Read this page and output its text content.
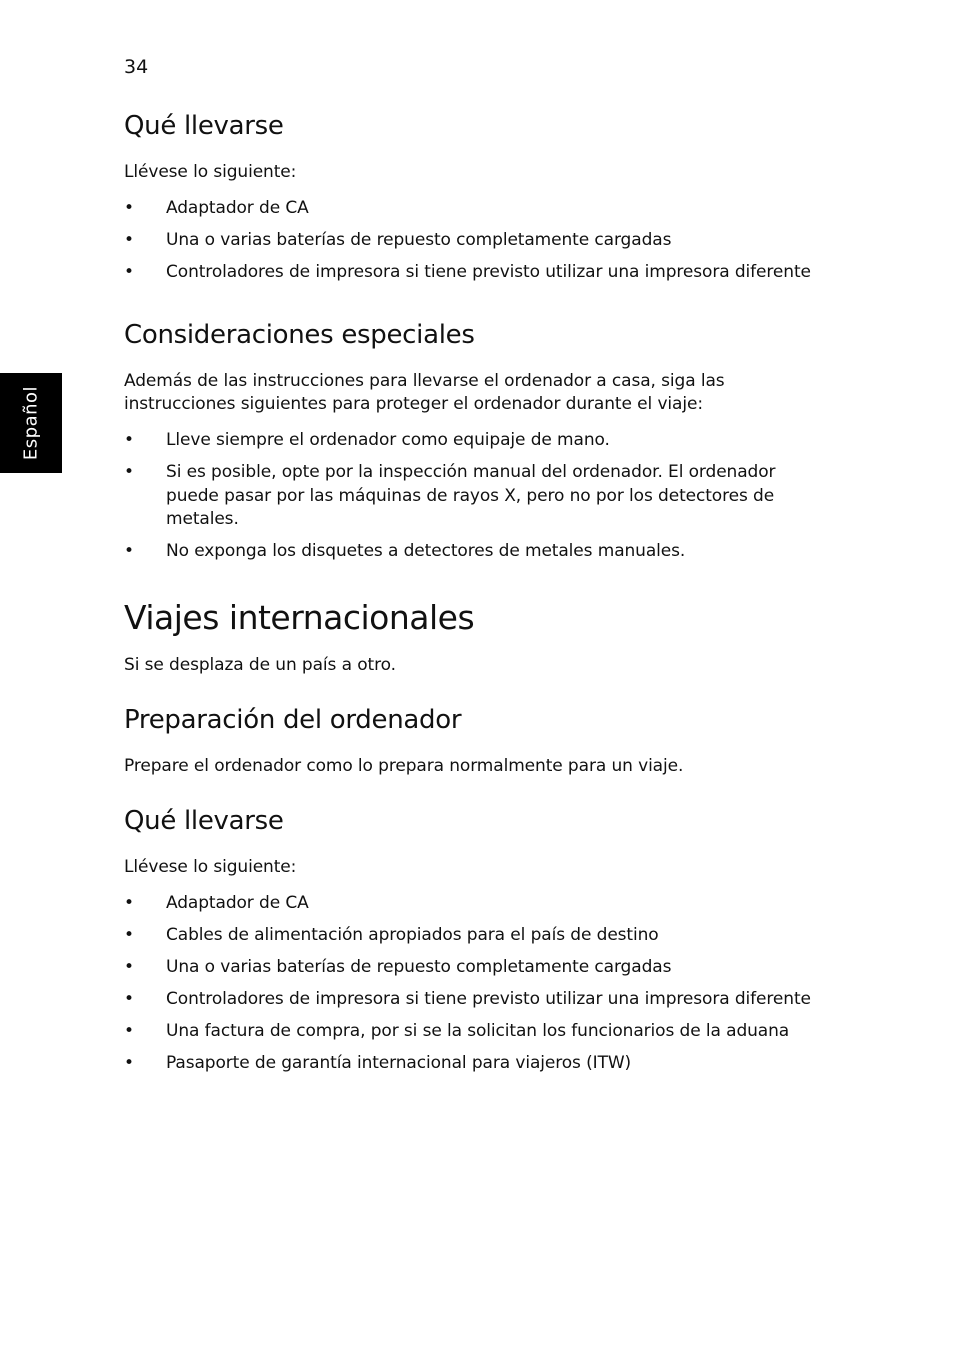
34
Español
Qué llevarse

Llévese lo siguiente:

• Adaptador de CA
• Una o varias baterías de repuesto completamente cargadas
• Controladores de impresora si tiene previsto utilizar una impresora diferente
Consideraciones especiales

Además de las instrucciones para llevarse el ordenador a casa, siga las instrucciones siguientes para proteger el ordenador durante el viaje:

• Lleve siempre el ordenador como equipaje de mano.
• Si es posible, opte por la inspección manual del ordenador. El ordenador puede pasar por las máquinas de rayos X, pero no por los detectores de metales.
• No exponga los disquetes a detectores de metales manuales.
Viajes internacionales

Si se desplaza de un país a otro.

Preparación del ordenador

Prepare el ordenador como lo prepara normalmente para un viaje.

Qué llevarse

Llévese lo siguiente:

• Adaptador de CA
• Cables de alimentación apropiados para el país de destino
• Una o varias baterías de repuesto completamente cargadas
• Controladores de impresora si tiene previsto utilizar una impresora diferente
• Una factura de compra, por si se la solicitan los funcionarios de la aduana
• Pasaporte de garantía internacional para viajeros (ITW)
